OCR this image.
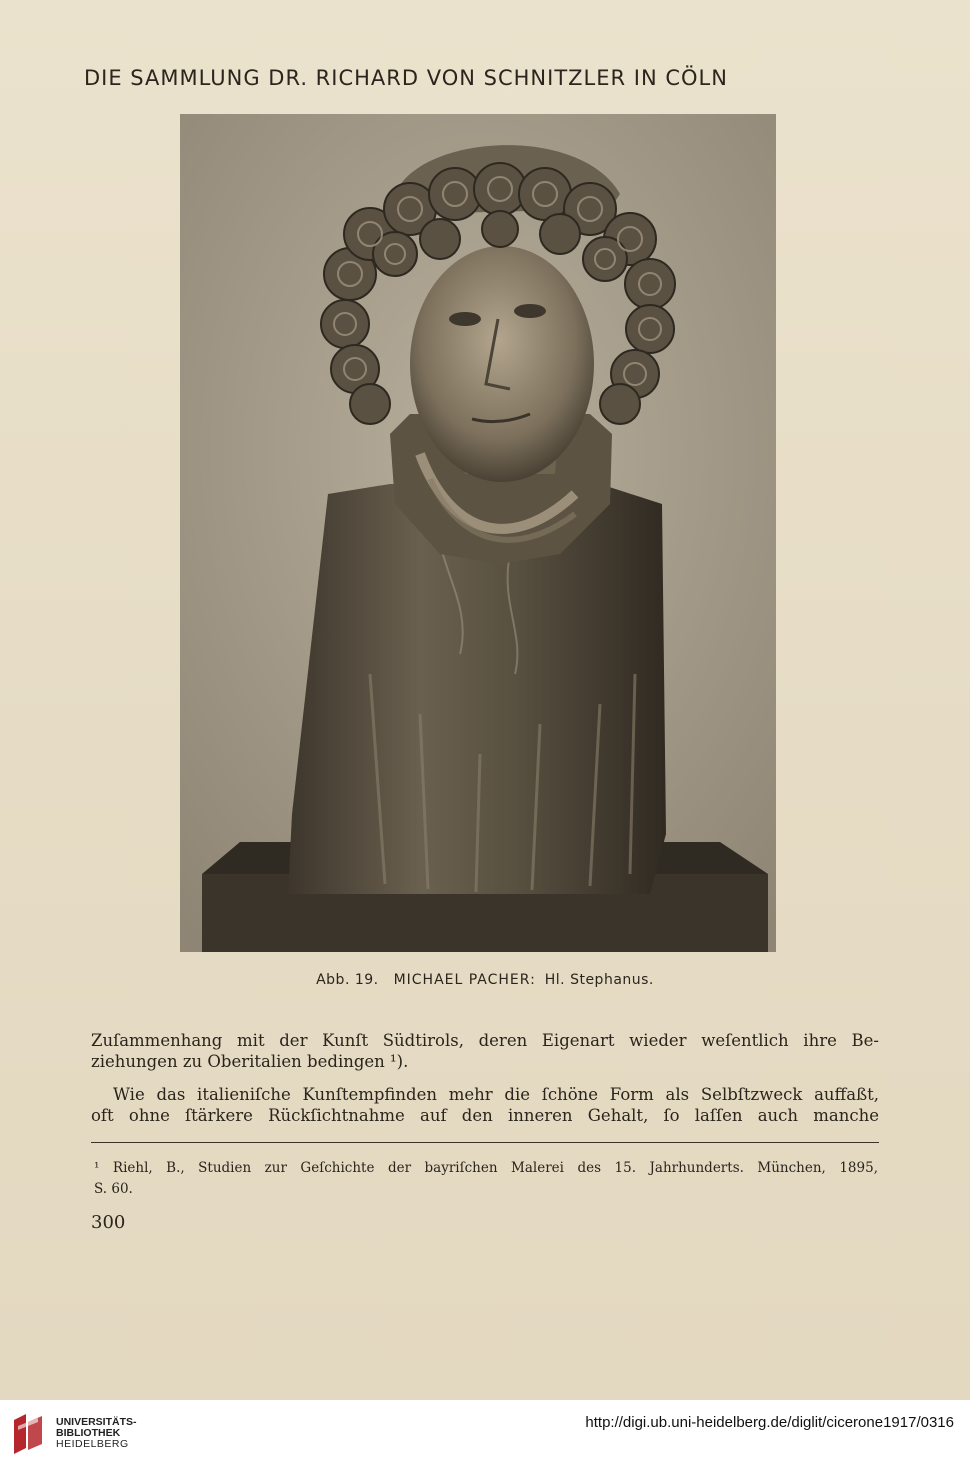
DIE SAMMLUNG DR. RICHARD VON SCHNITZLER IN CÖLN
Abb. 19. MICHAEL PACHER: Hl. Stephanus.
Zuſammenhang mit der Kunſt Südtirols, deren Eigenart wieder weſentlich ihre Be-
ziehungen zu Oberitalien bedingen ¹).
Wie das italieniſche Kunſtempfinden mehr die ſchöne Form als Selbſtzweck auffaßt,
oft ohne ſtärkere Rückſichtnahme auf den inneren Gehalt, ſo laſſen auch manche
¹ Riehl, B., Studien zur Geſchichte der bayriſchen Malerei des 15. Jahrhunderts. München, 1895,
S. 60.
300
UNIVERSITÄTS-
BIBLIOTHEK
HEIDELBERG
http://digi.ub.uni-heidelberg.de/diglit/cicerone1917/0316
